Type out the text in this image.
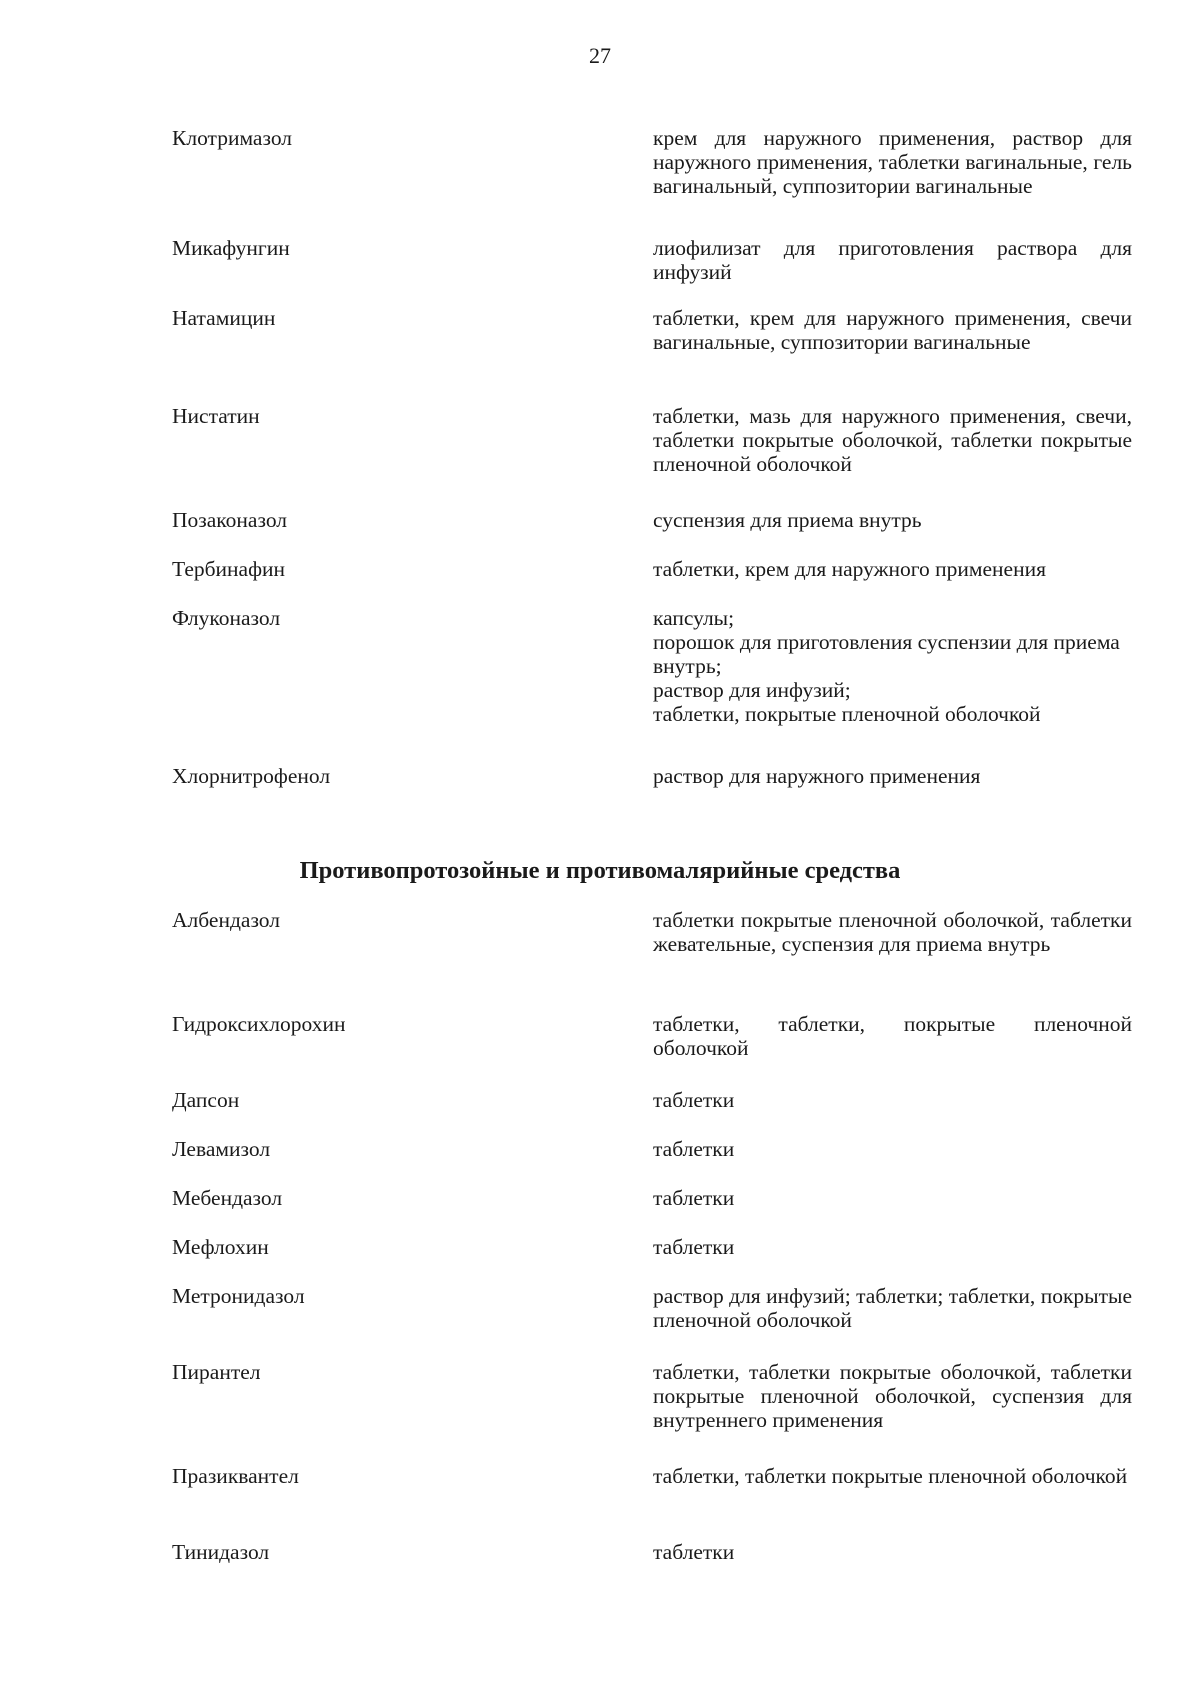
27
Клотримазол	крем для наружного применения, раствор для наружного применения, таблетки вагинальные, гель вагинальный, суппозитории вагинальные
Микафунгин	лиофилизат для приготовления раствора для инфузий
Натамицин	таблетки, крем для наружного применения, свечи вагинальные, суппозитории вагинальные
Нистатин	таблетки, мазь для наружного применения, свечи, таблетки покрытые оболочкой, таблетки покрытые пленочной оболочкой
Позаконазол	суспензия для приема внутрь
Тербинафин	таблетки, крем для наружного применения
Флуконазол	капсулы;
порошок для приготовления суспензии для приема внутрь;
раствор для инфузий;
таблетки, покрытые пленочной оболочкой
Хлорнитрофенол	раствор для наружного применения
Противопротозойные и противомалярийные средства
Албендазол	таблетки покрытые пленочной оболочкой, таблетки жевательные, суспензия для приема внутрь
Гидроксихлорохин	таблетки, таблетки, покрытые пленочной оболочкой
Дапсон	таблетки
Левамизол	таблетки
Мебендазол	таблетки
Мефлохин	таблетки
Метронидазол	раствор для инфузий; таблетки; таблетки, покрытые пленочной оболочкой
Пирантел	таблетки, таблетки покрытые оболочкой, таблетки покрытые пленочной оболочкой, суспензия для внутреннего применения
Празиквантел	таблетки, таблетки покрытые пленочной оболочкой
Тинидазол	таблетки
